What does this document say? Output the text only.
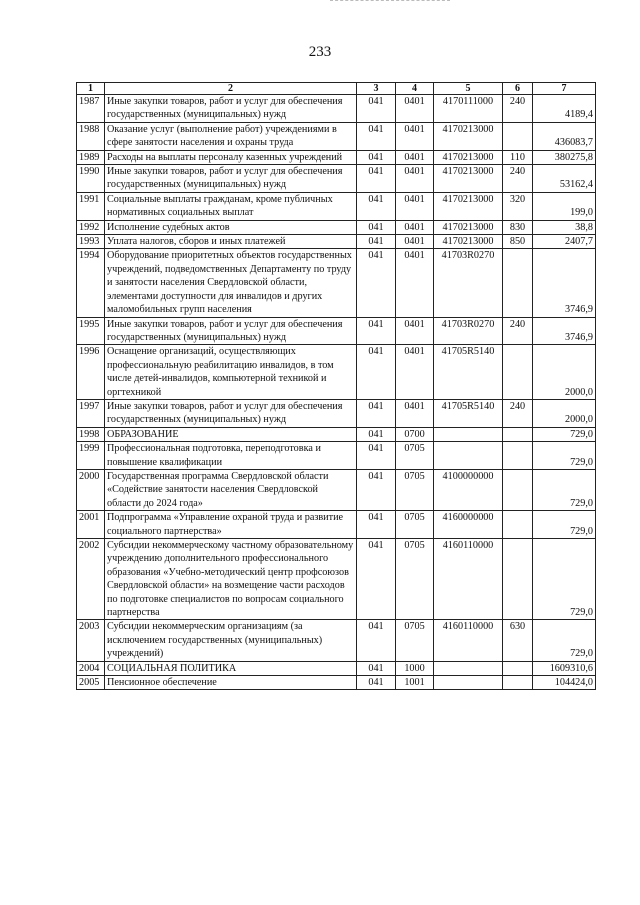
233
1	2	3	4	5	6	7
1987	Иные закупки товаров, работ и услуг для обеспечения государственных (муниципальных) нужд	041	0401	4170111000	240	4189,4
1988	Оказание услуг (выполнение работ) учреждениями в сфере занятости населения и охраны труда	041	0401	4170213000		436083,7
1989	Расходы на выплаты персоналу казенных учреждений	041	0401	4170213000	110	380275,8
1990	Иные закупки товаров, работ и услуг для обеспечения государственных (муниципальных) нужд	041	0401	4170213000	240	53162,4
1991	Социальные выплаты гражданам, кроме публичных нормативных социальных выплат	041	0401	4170213000	320	199,0
1992	Исполнение судебных актов	041	0401	4170213000	830	38,8
1993	Уплата налогов, сборов и иных платежей	041	0401	4170213000	850	2407,7
1994	Оборудование приоритетных объектов государственных учреждений, подведомственных Департаменту по труду и занятости населения Свердловской области, элементами доступности для инвалидов и других маломобильных групп населения	041	0401	41703R0270		3746,9
1995	Иные закупки товаров, работ и услуг для обеспечения государственных (муниципальных) нужд	041	0401	41703R0270	240	3746,9
1996	Оснащение организаций, осуществляющих профессиональную реабилитацию инвалидов, в том числе детей-инвалидов, компьютерной техникой и оргтехникой	041	0401	41705R5140		2000,0
1997	Иные закупки товаров, работ и услуг для обеспечения государственных (муниципальных) нужд	041	0401	41705R5140	240	2000,0
1998	ОБРАЗОВАНИЕ	041	0700			729,0
1999	Профессиональная подготовка, переподготовка и повышение квалификации	041	0705			729,0
2000	Государственная программа Свердловской области «Содействие занятости населения Свердловской области до 2024 года»	041	0705	4100000000		729,0
2001	Подпрограмма «Управление охраной труда и развитие социального партнерства»	041	0705	4160000000		729,0
2002	Субсидии некоммерческому частному образовательному учреждению дополнительного профессионального образования «Учебно-методический центр профсоюзов Свердловской области» на возмещение части расходов по подготовке специалистов по вопросам социального партнерства	041	0705	4160110000		729,0
2003	Субсидии некоммерческим организациям (за исключением государственных (муниципальных) учреждений)	041	0705	4160110000	630	729,0
2004	СОЦИАЛЬНАЯ ПОЛИТИКА	041	1000			1609310,6
2005	Пенсионное обеспечение	041	1001			104424,0
